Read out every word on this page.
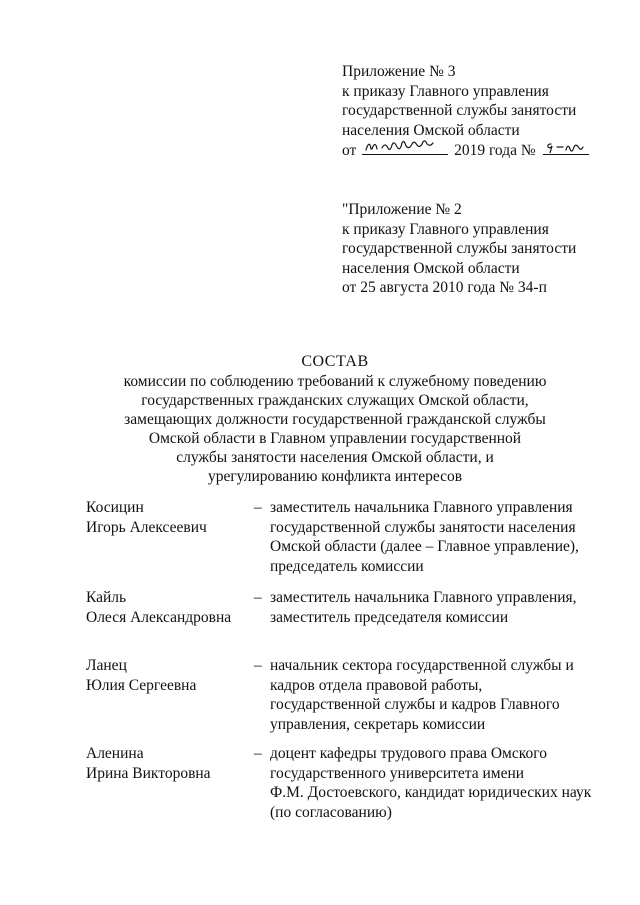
Приложение № 3
к приказу Главного управления
государственной службы занятости
населения Омской области
от	2019 года №
"Приложение № 2
к приказу Главного управления
государственной службы занятости
населения Омской области
от 25 августа 2010 года № 34-п
СОСТАВ
комиссии по соблюдению требований к служебному поведению
государственных гражданских служащих Омской области,
замещающих должности государственной гражданской службы
Омской области в Главном управлении государственной
службы занятости населения Омской области, и
урегулированию конфликта интересов
Косицин
Игорь Алексеевич
– заместитель начальника Главного управления
государственной службы занятости населения
Омской области (далее – Главное управление),
председатель комиссии
Кайль
Олеся Александровна
– заместитель начальника Главного управления,
заместитель председателя комиссии
Ланец
Юлия Сергеевна
– начальник сектора государственной службы и
кадров отдела правовой работы,
государственной службы и кадров Главного
управления, секретарь комиссии
Аленина
Ирина Викторовна
– доцент кафедры трудового права Омского
государственного университета имени
Ф.М. Достоевского, кандидат юридических наук
(по согласованию)
